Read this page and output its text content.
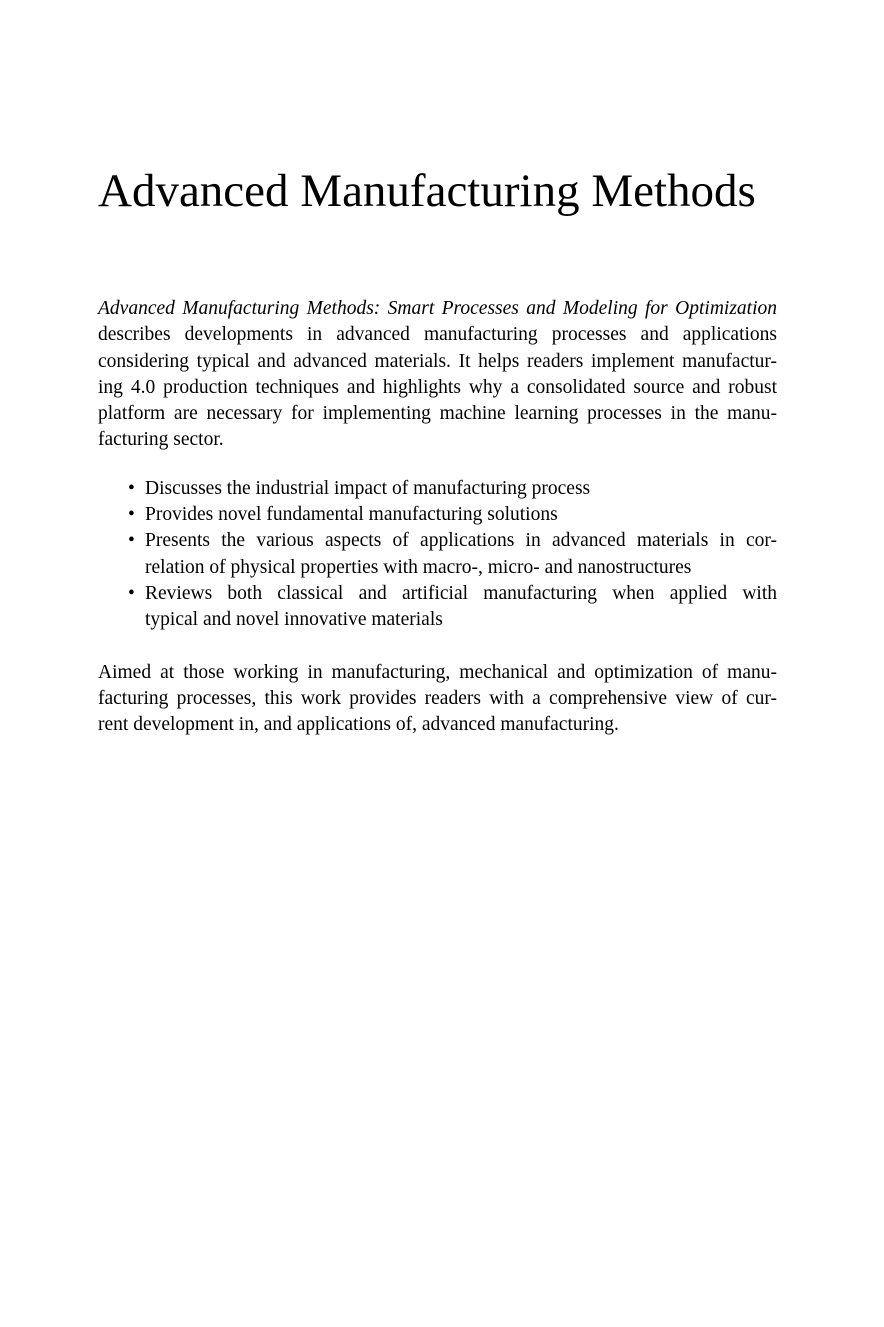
Advanced Manufacturing Methods
Advanced Manufacturing Methods: Smart Processes and Modeling for Optimization
describes developments in advanced manufacturing processes and applications
considering typical and advanced materials. It helps readers implement manufactur-
ing 4.0 production techniques and highlights why a consolidated source and robust
platform are necessary for implementing machine learning processes in the manu-
facturing sector.
• Discusses the industrial impact of manufacturing process
• Provides novel fundamental manufacturing solutions
• Presents the various aspects of applications in advanced materials in cor-
relation of physical properties with macro-, micro- and nanostructures
• Reviews both classical and artificial manufacturing when applied with
typical and novel innovative materials
Aimed at those working in manufacturing, mechanical and optimization of manu-
facturing processes, this work provides readers with a comprehensive view of cur-
rent development in, and applications of, advanced manufacturing.
